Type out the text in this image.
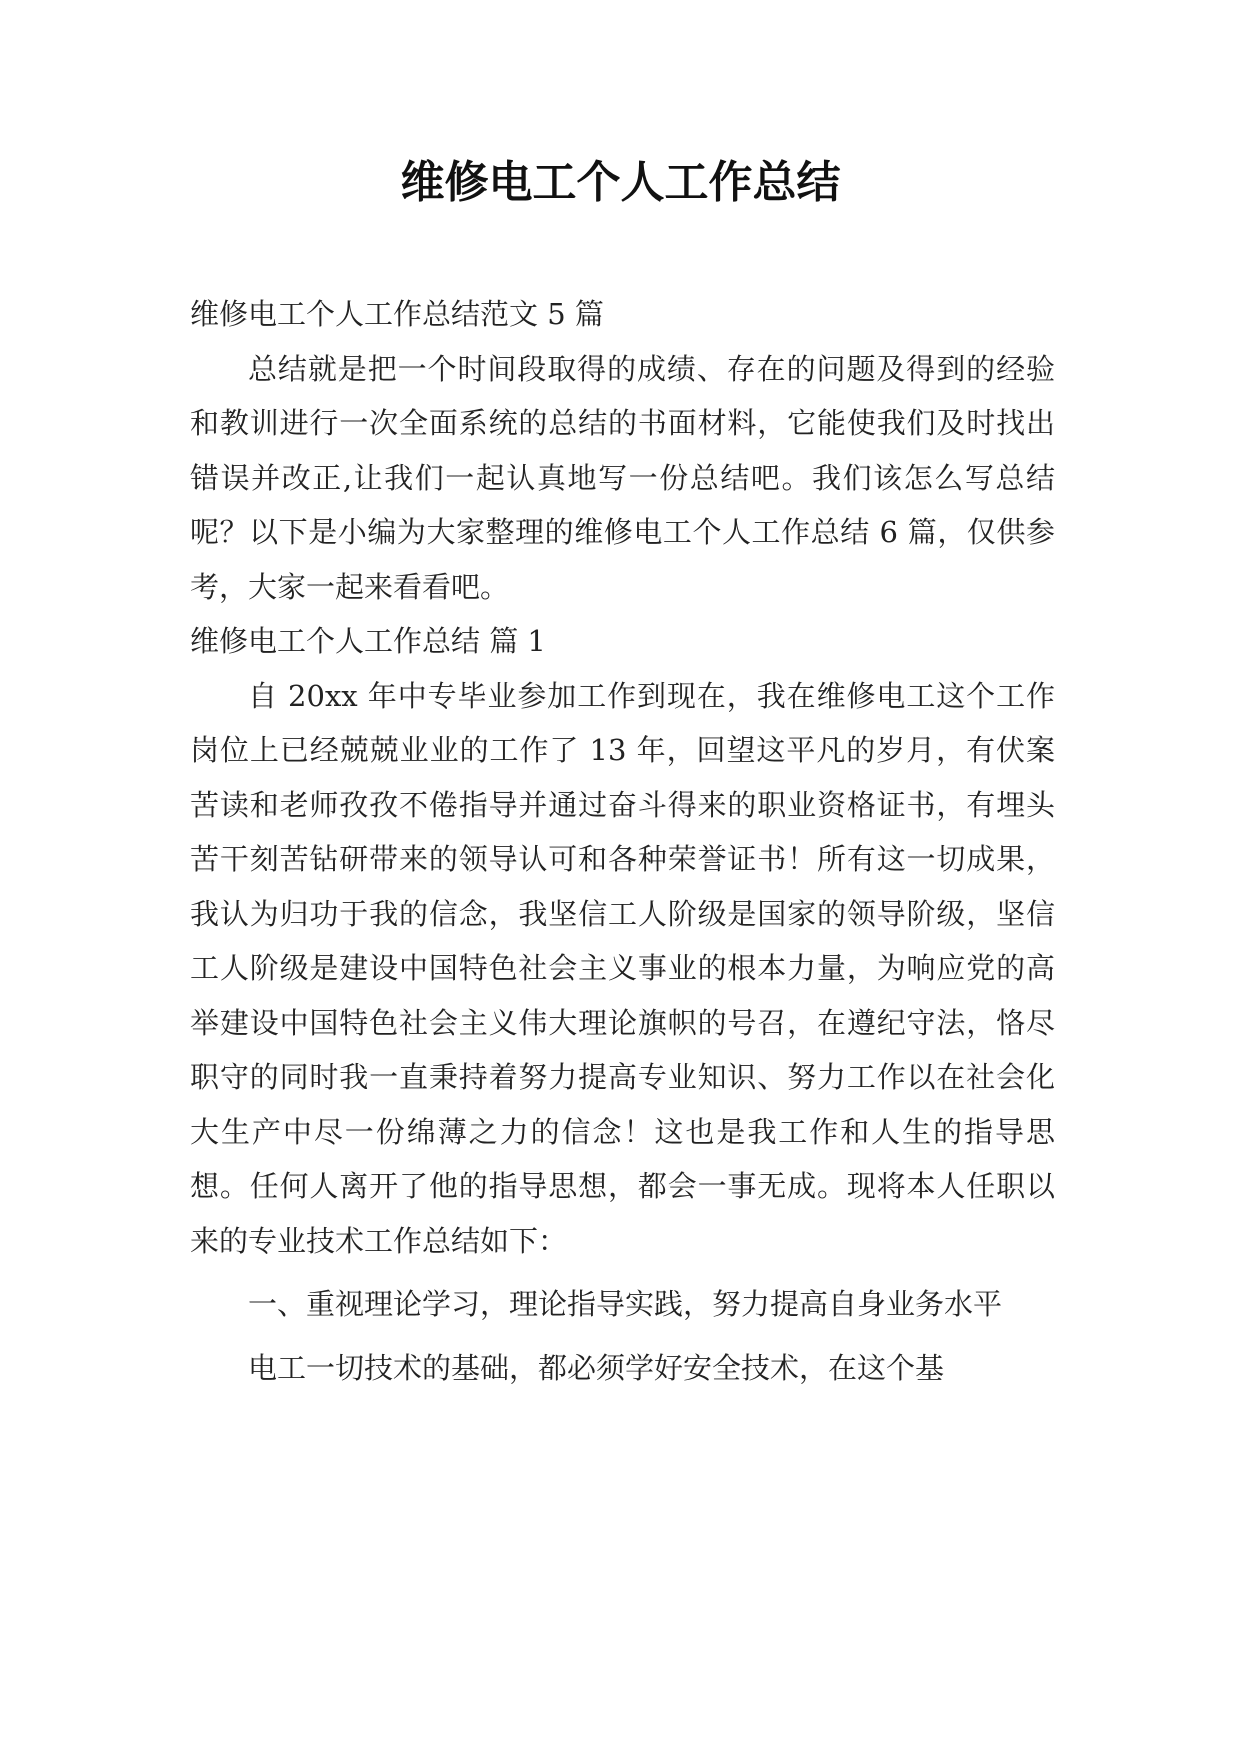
维修电工个人工作总结

维修电工个人工作总结范文 5 篇

总结就是把一个时间段取得的成绩、存在的问题及得到的经验和教训进行一次全面系统的总结的书面材料，它能使我们及时找出错误并改正,让我们一起认真地写一份总结吧。我们该怎么写总结呢？以下是小编为大家整理的维修电工个人工作总结 6 篇，仅供参考，大家一起来看看吧。

维修电工个人工作总结 篇 1

自 20xx 年中专毕业参加工作到现在，我在维修电工这个工作岗位上已经兢兢业业的工作了 13 年，回望这平凡的岁月，有伏案苦读和老师孜孜不倦指导并通过奋斗得来的职业资格证书，有埋头苦干刻苦钻研带来的领导认可和各种荣誉证书！所有这一切成果，我认为归功于我的信念，我坚信工人阶级是国家的领导阶级，坚信工人阶级是建设中国特色社会主义事业的根本力量，为响应党的高举建设中国特色社会主义伟大理论旗帜的号召，在遵纪守法，恪尽职守的同时我一直秉持着努力提高专业知识、努力工作以在社会化大生产中尽一份绵薄之力的信念！这也是我工作和人生的指导思想。任何人离开了他的指导思想，都会一事无成。现将本人任职以来的专业技术工作总结如下：

一、重视理论学习，理论指导实践，努力提高自身业务水平

电工一切技术的基础，都必须学好安全技术，在这个基
